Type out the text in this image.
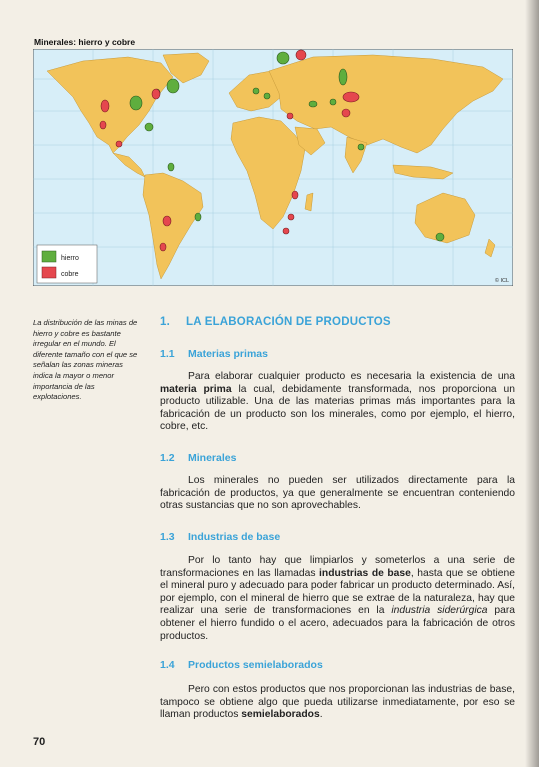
Minerales: hierro y cobre
hierro
cobre
© ICL
La distribución de las minas de hierro y cobre es bastante irregular en el mundo. El diferente tamaño con el que se señalan las zonas mineras indica la mayor o menor importancia de las explotaciones.
1. LA ELABORACIÓN DE PRODUCTOS
1.1 Materias primas
Para elaborar cualquier producto es necesaria la existencia de una materia prima la cual, debidamente transformada, nos proporciona un producto utilizable. Una de las materias primas más importantes para la fabricación de un producto son los minerales, como por ejemplo, el hierro, cobre, etc.
1.2 Minerales
Los minerales no pueden ser utilizados directamente para la fabricación de productos, ya que generalmente se encuentran conteniendo otras sustancias que no son aprovechables.
1.3 Industrias de base
Por lo tanto hay que limpiarlos y someterlos a una serie de transformaciones en las llamadas industrias de base, hasta que se obtiene el mineral puro y adecuado para poder fabricar un producto determinado. Así, por ejemplo, con el mineral de hierro que se extrae de la naturaleza, hay que realizar una serie de transformaciones en la industria siderúrgica para obtener el hierro fundido o el acero, adecuados para la fabricación de otros productos.
1.4 Productos semielaborados
Pero con estos productos que nos proporcionan las industrias de base, tampoco se obtiene algo que pueda utilizarse inmediatamente, por eso se llaman productos semielaborados.
70
